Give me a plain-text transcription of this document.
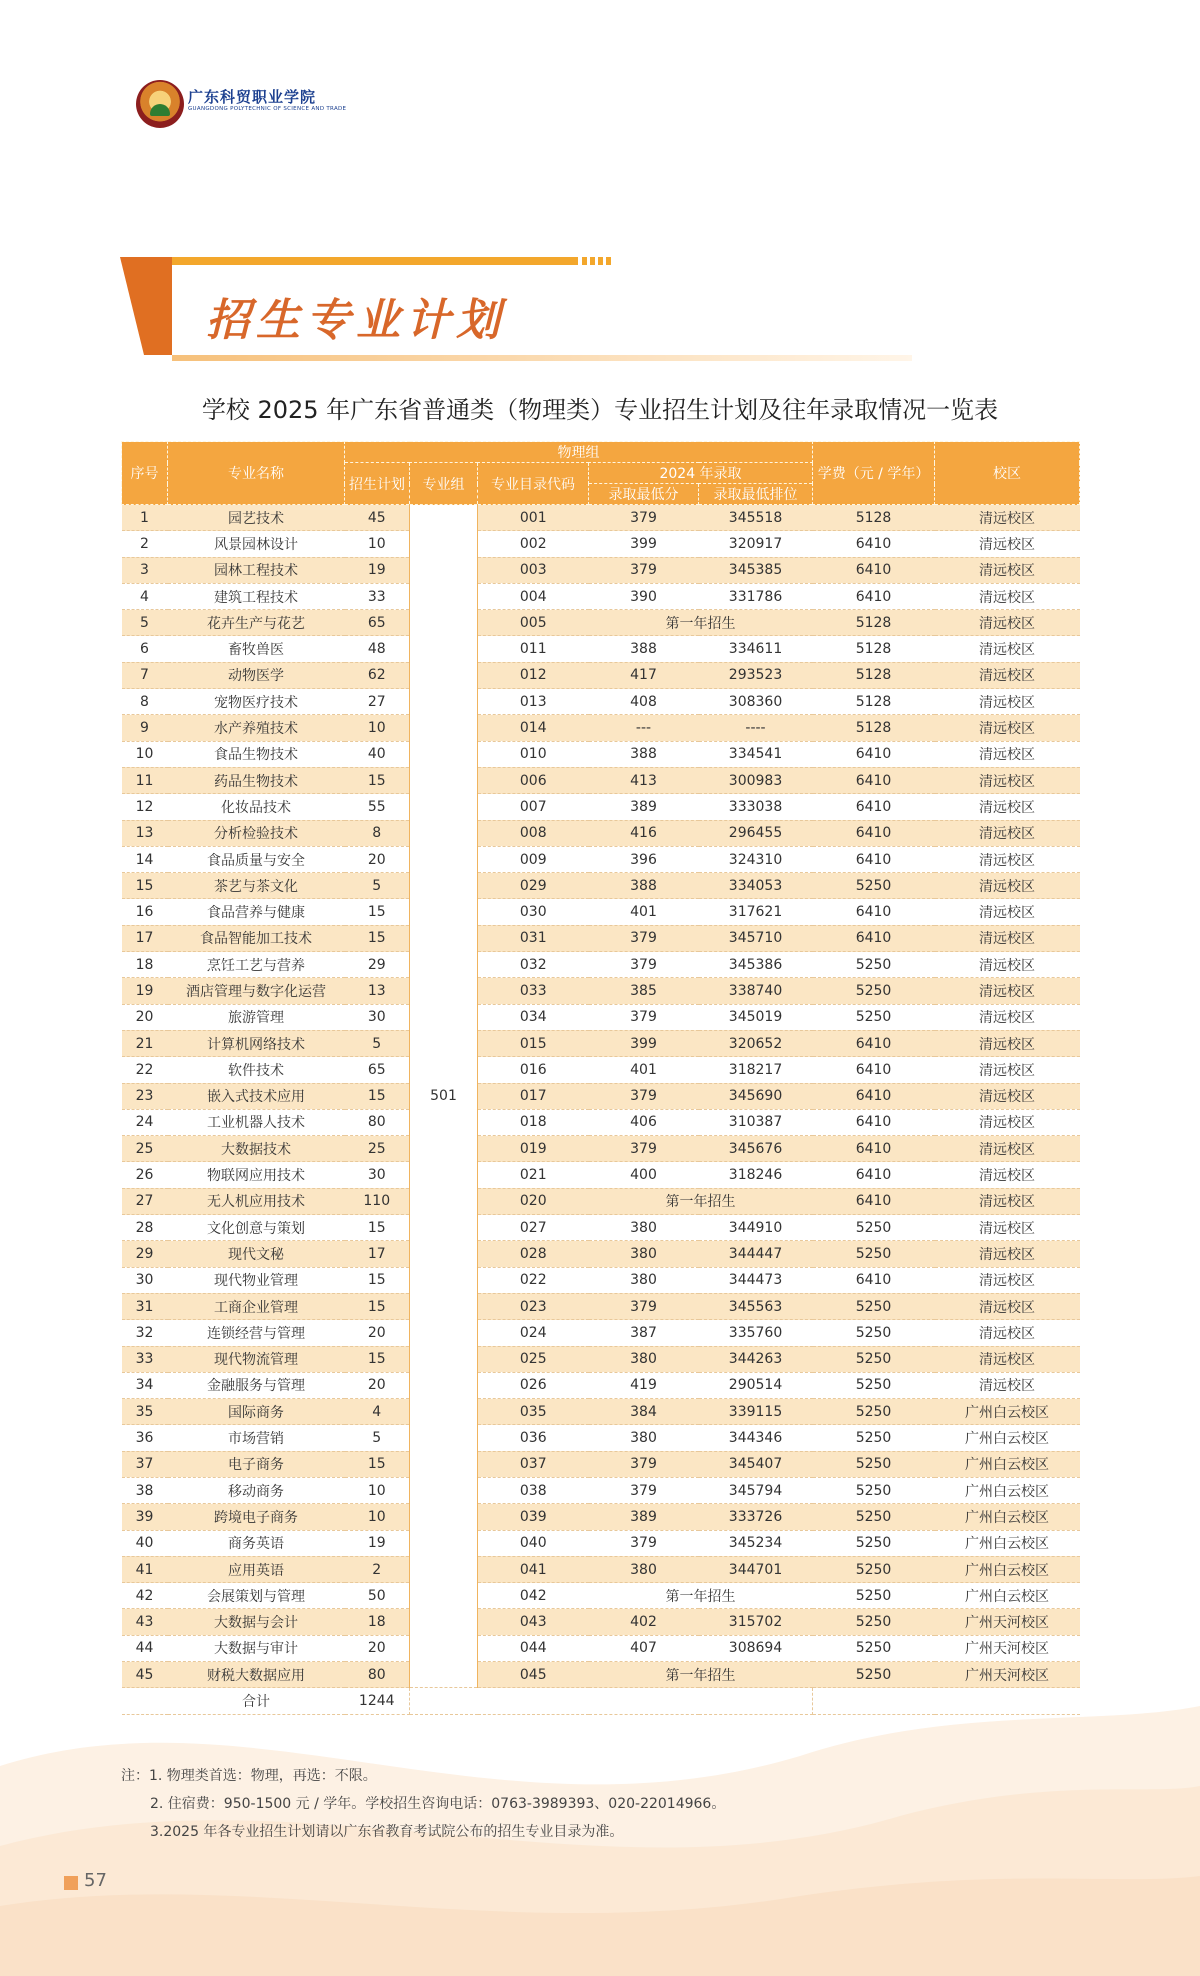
广东科贸职业学院
GUANGDONG POLYTECHNIC OF SCIENCE AND TRADE
招生专业计划
学校 2025 年广东省普通类（物理类）专业招生计划及往年录取情况一览表
序号	专业名称	物理组					学费（元 / 学年）	校区
		招生计划	专业组	专业目录代码	2024 年录取			
					录取最低分	录取最低排位		
1	园艺技术	45	501	001	379	345518	5128	清远校区
2	风景园林设计	10		002	399	320917	6410	清远校区
3	园林工程技术	19		003	379	345385	6410	清远校区
4	建筑工程技术	33		004	390	331786	6410	清远校区
5	花卉生产与花艺	65		005	第一年招生		5128	清远校区
6	畜牧兽医	48		011	388	334611	5128	清远校区
7	动物医学	62		012	417	293523	5128	清远校区
8	宠物医疗技术	27		013	408	308360	5128	清远校区
9	水产养殖技术	10		014	---	----	5128	清远校区
10	食品生物技术	40		010	388	334541	6410	清远校区
11	药品生物技术	15		006	413	300983	6410	清远校区
12	化妆品技术	55		007	389	333038	6410	清远校区
13	分析检验技术	8		008	416	296455	6410	清远校区
14	食品质量与安全	20		009	396	324310	6410	清远校区
15	茶艺与茶文化	5		029	388	334053	5250	清远校区
16	食品营养与健康	15		030	401	317621	6410	清远校区
17	食品智能加工技术	15		031	379	345710	6410	清远校区
18	烹饪工艺与营养	29		032	379	345386	5250	清远校区
19	酒店管理与数字化运营	13		033	385	338740	5250	清远校区
20	旅游管理	30		034	379	345019	5250	清远校区
21	计算机网络技术	5		015	399	320652	6410	清远校区
22	软件技术	65		016	401	318217	6410	清远校区
23	嵌入式技术应用	15		017	379	345690	6410	清远校区
24	工业机器人技术	80		018	406	310387	6410	清远校区
25	大数据技术	25		019	379	345676	6410	清远校区
26	物联网应用技术	30		021	400	318246	6410	清远校区
27	无人机应用技术	110		020	第一年招生		6410	清远校区
28	文化创意与策划	15		027	380	344910	5250	清远校区
29	现代文秘	17		028	380	344447	5250	清远校区
30	现代物业管理	15		022	380	344473	6410	清远校区
31	工商企业管理	15		023	379	345563	5250	清远校区
32	连锁经营与管理	20		024	387	335760	5250	清远校区
33	现代物流管理	15		025	380	344263	5250	清远校区
34	金融服务与管理	20		026	419	290514	5250	清远校区
35	国际商务	4		035	384	339115	5250	广州白云校区
36	市场营销	5		036	380	344346	5250	广州白云校区
37	电子商务	15		037	379	345407	5250	广州白云校区
38	移动商务	10		038	379	345794	5250	广州白云校区
39	跨境电子商务	10		039	389	333726	5250	广州白云校区
40	商务英语	19		040	379	345234	5250	广州白云校区
41	应用英语	2		041	380	344701	5250	广州白云校区
42	会展策划与管理	50		042	第一年招生		5250	广州白云校区
43	大数据与会计	18		043	402	315702	5250	广州天河校区
44	大数据与审计	20		044	407	308694	5250	广州天河校区
45	财税大数据应用	80		045	第一年招生		5250	广州天河校区
	合计	1244						
注：1. 物理类首选：物理，再选：不限。
2. 住宿费：950-1500 元 / 学年。学校招生咨询电话：0763-3989393、020-22014966。
3.2025 年各专业招生计划请以广东省教育考试院公布的招生专业目录为准。
57
